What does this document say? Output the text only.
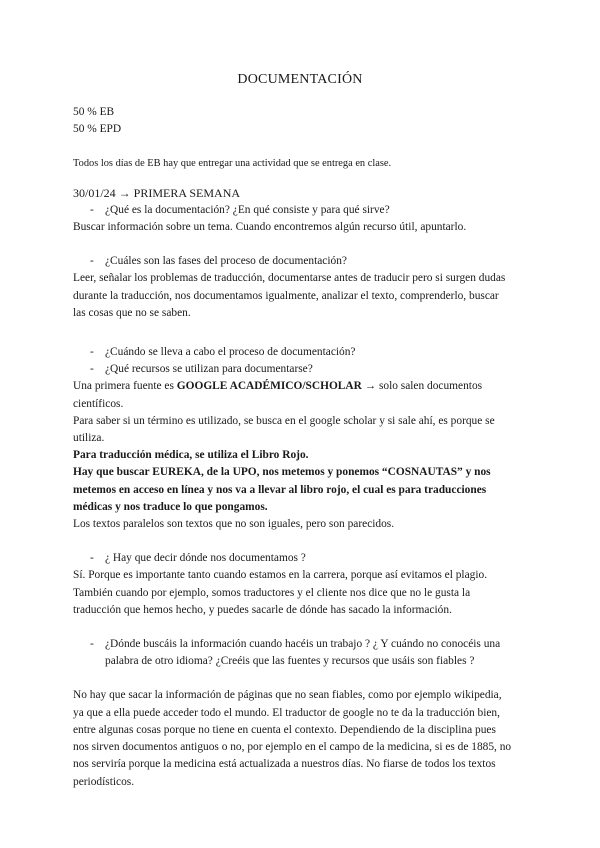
DOCUMENTACIÓN

50 % EB

50 % EPD

Todos los días de EB hay que entregar una actividad que se entrega en clase.

30/01/24 → PRIMERA SEMANA

- ¿Qué es la documentación? ¿En qué consiste y para qué sirve?

Buscar información sobre un tema. Cuando encontremos algún recurso útil, apuntarlo.

- ¿Cuáles son las fases del proceso de documentación?

Leer, señalar los problemas de traducción, documentarse antes de traducir pero si surgen dudas durante la traducción, nos documentamos igualmente, analizar el texto, comprenderlo, buscar las cosas que no se saben.

- ¿Cuándo se lleva a cabo el proceso de documentación?

- ¿Qué recursos se utilizan para documentarse?

Una primera fuente es GOOGLE ACADÉMICO/SCHOLAR → solo salen documentos científicos.

Para saber si un término es utilizado, se busca en el google scholar y si sale ahí, es porque se utiliza.

Para traducción médica, se utiliza el Libro Rojo.

Hay que buscar EUREKA, de la UPO, nos metemos y ponemos “COSNAUTAS” y nos metemos en acceso en línea y nos va a llevar al libro rojo, el cual es para traducciones médicas y nos traduce lo que pongamos.

Los textos paralelos son textos que no son iguales, pero son parecidos.

- ¿ Hay que decir dónde nos documentamos ?

Sí. Porque es importante tanto cuando estamos en la carrera, porque así evitamos el plagio. También cuando por ejemplo, somos traductores y el cliente nos dice que no le gusta la traducción que hemos hecho, y puedes sacarle de dónde has sacado la información.

- ¿Dónde buscáis la información cuando hacéis un trabajo ? ¿ Y cuándo no conocéis una palabra de otro idioma? ¿Creéis que las fuentes y recursos que usáis son fiables ?

No hay que sacar la información de páginas que no sean fiables, como por ejemplo wikipedia, ya que a ella puede acceder todo el mundo. El traductor de google no te da la traducción bien, entre algunas cosas porque no tiene en cuenta el contexto. Dependiendo de la disciplina pues nos sirven documentos antiguos o no, por ejemplo en el campo de la medicina, si es de 1885, no nos serviría porque la medicina está actualizada a nuestros días. No fiarse de todos los textos periodísticos.
